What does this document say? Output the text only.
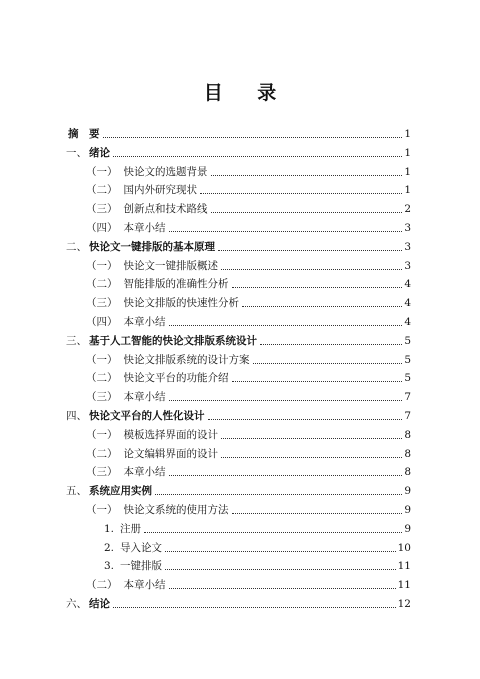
目 录
摘　要	1
一、 绪论	1
（一） 快论文的选题背景	1
（二） 国内外研究现状	1
（三） 创新点和技术路线	2
（四） 本章小结	3
二、 快论文一键排版的基本原理	3
（一） 快论文一键排版概述	3
（二） 智能排版的准确性分析	4
（三） 快论文排版的快速性分析	4
（四） 本章小结	4
三、 基于人工智能的快论文排版系统设计	5
（一） 快论文排版系统的设计方案	5
（二） 快论文平台的功能介绍	5
（三） 本章小结	7
四、 快论文平台的人性化设计	7
（一） 模板选择界面的设计	8
（二） 论文编辑界面的设计	8
（三） 本章小结	8
五、 系统应用实例	9
（一） 快论文系统的使用方法	9
1. 注册	9
2. 导入论文	10
3. 一键排版	11
（二） 本章小结	11
六、 结论	12
